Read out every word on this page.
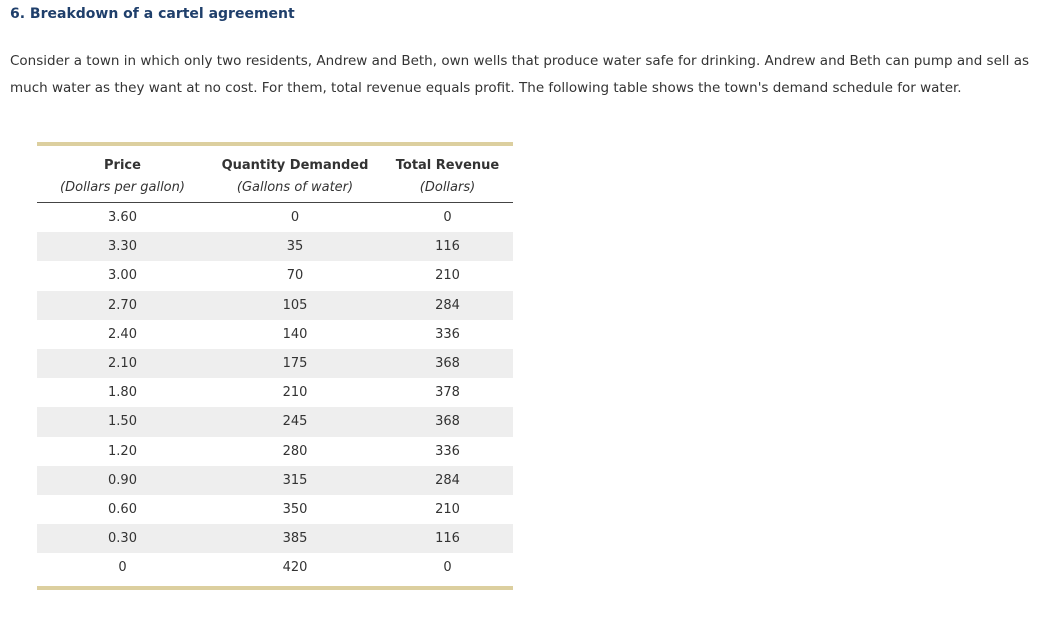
6. Breakdown of a cartel agreement

Consider a town in which only two residents, Andrew and Beth, own wells that produce water safe for drinking. Andrew and Beth can pump and sell as much water as they want at no cost. For them, total revenue equals profit. The following table shows the town's demand schedule for water.

Price	Quantity Demanded	Total Revenue
(Dollars per gallon)	(Gallons of water)	(Dollars)
3.60	0	0
3.30	35	116
3.00	70	210
2.70	105	284
2.40	140	336
2.10	175	368
1.80	210	378
1.50	245	368
1.20	280	336
0.90	315	284
0.60	350	210
0.30	385	116
0	420	0
